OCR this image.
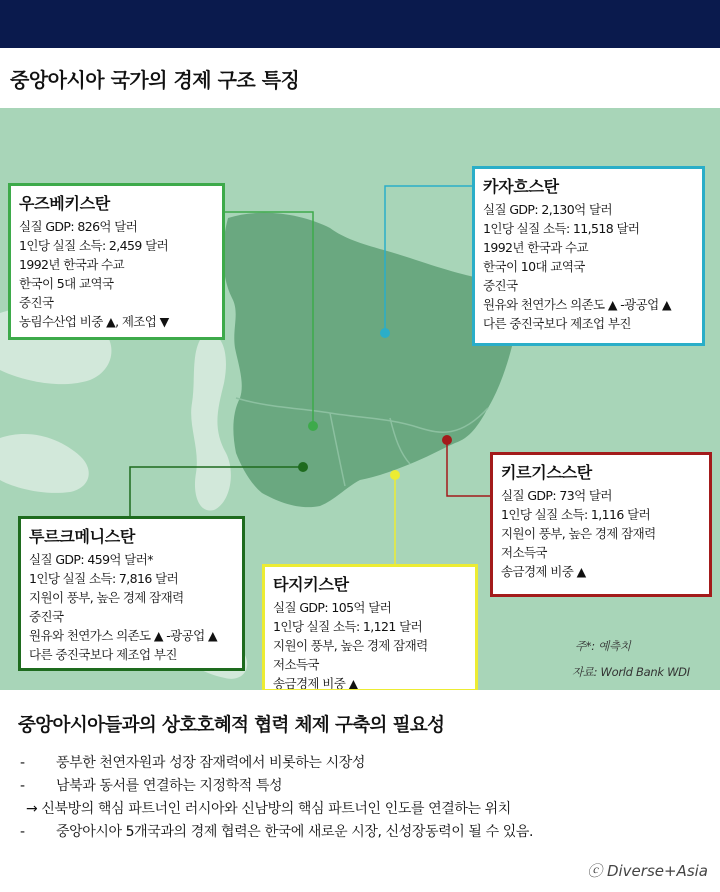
중앙아시아 국가의 경제 구조 특징
우즈베키스탄
실질 GDP: 826억 달러
1인당 실질 소득: 2,459 달러
1992년 한국과 수교
한국이 5대 교역국
중진국
농림수산업 비중 ▲, 제조업 ▼
카자흐스탄
실질 GDP: 2,130억 달러
1인당 실질 소득: 11,518 달러
1992년 한국과 수교
한국이 10대 교역국
중진국
원유와 천연가스 의존도 ▲ -광공업 ▲
다른 중진국보다 제조업 부진
키르기스스탄
실질 GDP: 73억 달러
1인당 실질 소득: 1,116 달러
지원이 풍부, 높은 경제 잠재력
저소득국
송금경제 비중 ▲
투르크메니스탄
실질 GDP: 459억 달러*
1인당 실질 소득: 7,816 달러
지원이 풍부, 높은 경제 잠재력
중진국
원유와 천연가스 의존도 ▲ -광공업 ▲
다른 중진국보다 제조업 부진
타지키스탄
실질 GDP: 105억 달러
1인당 실질 소득: 1,121 달러
지원이 풍부, 높은 경제 잠재력
저소득국
송금경제 비중 ▲
주*: 예측치
자료: World Bank WDI
중앙아시아들과의 상호호혜적 협력 체제 구축의 필요성
-	풍부한 천연자원과 성장 잠재력에서 비롯하는 시장성
-	남북과 동서를 연결하는 지정학적 특성
→ 신북방의 핵심 파트너인 러시아와 신남방의 핵심 파트너인 인도를 연결하는 위치
-	중앙아시아 5개국과의 경제 협력은 한국에 새로운 시장, 신성장동력이 될 수 있음.
ⓒ Diverse+Asia
